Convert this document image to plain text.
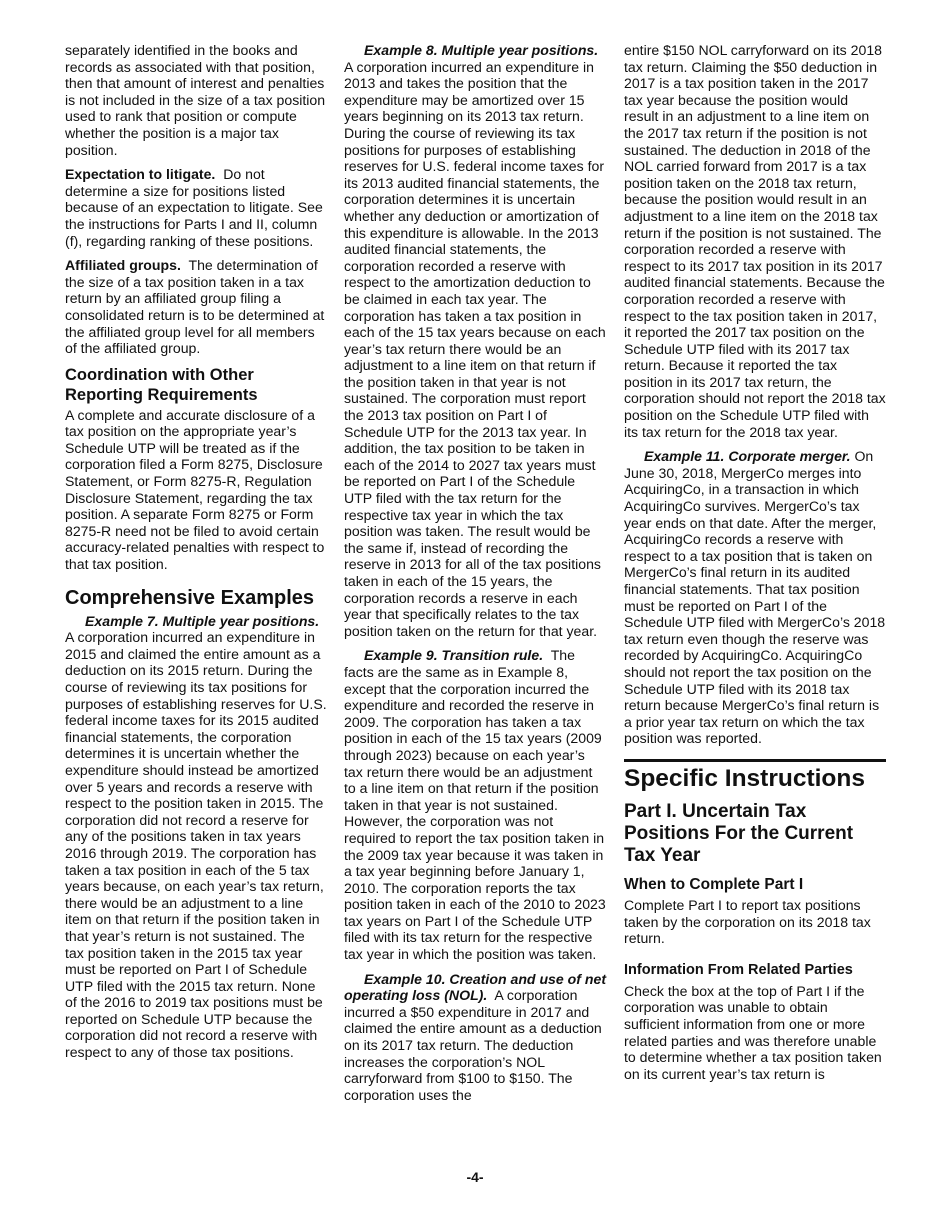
separately identified in the books and records as associated with that position, then that amount of interest and penalties is not included in the size of a tax position used to rank that position or compute whether the position is a major tax position.

Expectation to litigate. Do not determine a size for positions listed because of an expectation to litigate. See the instructions for Parts I and II, column (f), regarding ranking of these positions.

Affiliated groups. The determination of the size of a tax position taken in a tax return by an affiliated group filing a consolidated return is to be determined at the affiliated group level for all members of the affiliated group.

Coordination with Other Reporting Requirements

A complete and accurate disclosure of a tax position on the appropriate year’s Schedule UTP will be treated as if the corporation filed a Form 8275, Disclosure Statement, or Form 8275-R, Regulation Disclosure Statement, regarding the tax position. A separate Form 8275 or Form 8275-R need not be filed to avoid certain accuracy-related penalties with respect to that tax position.

Comprehensive Examples

Example 7. Multiple year positions.  A corporation incurred an expenditure in 2015 and claimed the entire amount as a deduction on its 2015 return. During the course of reviewing its tax positions for purposes of establishing reserves for U.S. federal income taxes for its 2015 audited financial statements, the corporation determines it is uncertain whether the expenditure should instead be amortized over 5 years and records a reserve with respect to the position taken in 2015. The corporation did not record a reserve for any of the positions taken in tax years 2016 through 2019. The corporation has taken a tax position in each of the 5 tax years because, on each year’s tax return, there would be an adjustment to a line item on that return if the position taken in that year’s return is not sustained. The tax position taken in the 2015 tax year must be reported on Part I of Schedule UTP filed with the 2015 tax return. None of the 2016 to 2019 tax positions must be reported on Schedule UTP because the corporation did not record a reserve with respect to any of those tax positions.

Example 8. Multiple year positions.  A corporation incurred an expenditure in 2013 and takes the position that the expenditure may be amortized over 15 years beginning on its 2013 tax return. During the course of reviewing its tax positions for purposes of establishing reserves for U.S. federal income taxes for its 2013 audited financial statements, the corporation determines it is uncertain whether any deduction or amortization of this expenditure is allowable. In the 2013 audited financial statements, the corporation recorded a reserve with respect to the amortization deduction to be claimed in each tax year. The corporation has taken a tax position in each of the 15 tax years because on each year’s tax return there would be an adjustment to a line item on that return if the position taken in that year is not sustained. The corporation must report the 2013 tax position on Part I of Schedule UTP for the 2013 tax year. In addition, the tax position to be taken in each of the 2014 to 2027 tax years must be reported on Part I of the Schedule UTP filed with the tax return for the respective tax year in which the tax position was taken. The result would be the same if, instead of recording the reserve in 2013 for all of the tax positions taken in each of the 15 years, the corporation records a reserve in each year that specifically relates to the tax position taken on the return for that year.

Example 9. Transition rule. The facts are the same as in Example 8, except that the corporation incurred the expenditure and recorded the reserve in 2009. The corporation has taken a tax position in each of the 15 tax years (2009 through 2023) because on each year’s tax return there would be an adjustment to a line item on that return if the position taken in that year is not sustained. However, the corporation was not required to report the tax position taken in the 2009 tax year because it was taken in a tax year beginning before January 1, 2010. The corporation reports the tax position taken in each of the 2010 to 2023 tax years on Part I of the Schedule UTP filed with its tax return for the respective tax year in which the position was taken.

Example 10. Creation and use of net operating loss (NOL). A corporation incurred a $50 expenditure in 2017 and claimed the entire amount as a deduction on its 2017 tax return. The deduction increases the corporation’s NOL carryforward from $100 to $150. The corporation uses the

entire $150 NOL carryforward on its 2018 tax return. Claiming the $50 deduction in 2017 is a tax position taken in the 2017 tax year because the position would result in an adjustment to a line item on the 2017 tax return if the position is not sustained. The deduction in 2018 of the NOL carried forward from 2017 is a tax position taken on the 2018 tax return, because the position would result in an adjustment to a line item on the 2018 tax return if the position is not sustained. The corporation recorded a reserve with respect to its 2017 tax position in its 2017 audited financial statements. Because the corporation recorded a reserve with respect to the tax position taken in 2017, it reported the 2017 tax position on the Schedule UTP filed with its 2017 tax return. Because it reported the tax position in its 2017 tax return, the corporation should not report the 2018 tax position on the Schedule UTP filed with its tax return for the 2018 tax year.

Example 11. Corporate merger. On June 30, 2018, MergerCo merges into AcquiringCo, in a transaction in which AcquiringCo survives. MergerCo’s tax year ends on that date. After the merger, AcquiringCo records a reserve with respect to a tax position that is taken on MergerCo’s final return in its audited financial statements. That tax position must be reported on Part I of the Schedule UTP filed with MergerCo’s 2018 tax return even though the reserve was recorded by AcquiringCo. AcquiringCo should not report the tax position on the Schedule UTP filed with its 2018 tax return because MergerCo’s final return is a prior year tax return on which the tax position was reported.

Specific Instructions
Part I. Uncertain Tax Positions For the Current Tax Year
When to Complete Part I

Complete Part I to report tax positions taken by the corporation on its 2018 tax return.

Information From Related Parties

Check the box at the top of Part I if the corporation was unable to obtain sufficient information from one or more related parties and was therefore unable to determine whether a tax position taken on its current year’s tax return is

-4-
